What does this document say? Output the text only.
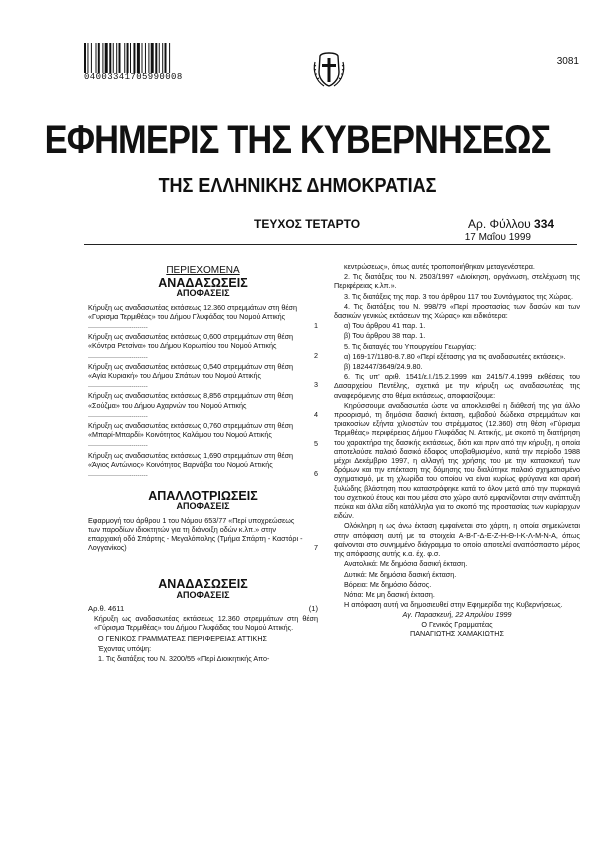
04003341705990008
3081
ΕΦΗΜΕΡΙΣ ΤΗΣ ΚΥΒΕΡΝΗΣΕΩΣ
ΤΗΣ ΕΛΛΗΝΙΚΗΣ ΔΗΜΟΚΡΑΤΙΑΣ
ΤΕΥΧΟΣ ΤΕΤΑΡΤΟ	Αρ. Φύλλου 334
17 Μαΐου 1999
ΠΕΡΙΕΧΟΜΕΝΑ
ΑΝΑΔΑΣΩΣΕΙΣ
ΑΠΟΦΑΣΕΙΣ
Κήρυξη ως αναδασωτέας εκτάσεως 12.360 στρεμμάτων στη θέση «Γυρισμα Τερμιθέας» του Δήμου Γλυφάδας του Νομού Αττικής ..............................	1
Κήρυξη ως αναδασωτέας εκτάσεως 0,600 στρεμμάτων στη θέση «Κόντρα Ρετσίνα» του Δήμου Κορωπίου του Νομού Αττικής ..............................	2
Κήρυξη ως αναδασωτέας εκτάσεως 0,540 στρεμμάτων στη θέση «Αγία Κυριακή» του Δήμου Σπάτων του Νομού Αττικής ..............................	3
Κήρυξη ως αναδασωτέας εκτάσεως 8,856 στρεμμάτων στη θέση «Σούζμα» του Δήμου Αχαρνών του Νομού Αττικής ..............................	4
Κήρυξη ως αναδασωτέας εκτάσεως 0,760 στρεμμάτων στη θέση «Μπαρί-Μπαρδί» Κοινότητος Καλάμου του Νομού Αττικής ..............................	5
Κήρυξη ως αναδασωτέας εκτάσεως 1,690 στρεμμάτων στη θέση «Άγιος Αντώνιος» Κοινότητος Βαρνάβα του Νομού Αττικής ..............................	6
ΑΠΑΛΛΟΤΡΙΩΣΕΙΣ
ΑΠΟΦΑΣΕΙΣ
Εφαρμογή του άρθρου 1 του Νόμου 653/77 «Περί υποχρεώσεως των παροδίων ιδιοκτητών για τη διάνοιξη οδών κ.λπ.» στην επαρχιακή οδό Σπάρτης - Μεγαλόπολης (Τμήμα Σπάρτη - Καστόρι - Λογγανίκος)	7
ΑΝΑΔΑΣΩΣΕΙΣ
ΑΠΟΦΑΣΕΙΣ
Αρ.θ. 4611	(1)
Κήρυξη ως αναδασωτέας εκτάσεως 12.360 στρεμμάτων στη θέση «Γύρισμα Τερμιθέας» του Δήμου Γλυφάδας του Νομού Αττικής.
Ο ΓΕΝΙΚΟΣ ΓΡΑΜΜΑΤΕΑΣ ΠΕΡΙΦΕΡΕΙΑΣ ΑΤΤΙΚΗΣ
Έχοντας υπόψη:
1. Τις διατάξεις του Ν. 3200/55 «Περί Διοικητικής Απο-
κεντρώσεως», όπως αυτές τροποποιήθηκαν μεταγενέστερα.
2. Τις διατάξεις του Ν. 2503/1997 «Διοίκηση, οργάνωση, στελέχωση της Περιφέρειας κ.λπ.».
3. Τις διατάξεις της παρ. 3 του άρθρου 117 του Συντάγματος της Χώρας.
4. Τις διατάξεις του Ν. 998/79 «Περί προστασίας των δασών και των δασικών γενικώς εκτάσεων της Χώρας» και ειδικότερα:
α) Του άρθρου 41 παρ. 1.
β) Του άρθρου 38 παρ. 1.
5. Τις διαταγές του Υπουργείου Γεωργίας:
α) 169-17/1180-8.7.80 «Περί εξέτασης για τις αναδασωτέες εκτάσεις».
β) 182447/3649/24.9.80.
6. Τις υπ' αριθ. 1541/ε.Ι./15.2.1999 και 2415/7.4.1999 εκθέσεις του Δασαρχείου Πεντέλης, σχετικά με την κήρυξη ως αναδασωτέας της αναφερόμενης στο θέμα εκτάσεως, αποφασίζουμε:
Κηρύσσουμε αναδασωτέα ώστε να αποκλεισθεί η διάθεσή της για άλλο προορισμό, τη δημόσια δασική έκταση, εμβαδού δώδεκα στρεμμάτων και τριακοσίων εξήντα χιλιοστών του στρέμματος (12.360) στη θέση «Γύρισμα Τερμιθέας» περιφέρειας Δήμου Γλυφάδας Ν. Αττικής, με σκοπό τη διατήρηση του χαρακτήρα της δασικής εκτάσεως, διότι και πριν από την κήρυξη, η οποία αποτελούσε παλαιό δασικό έδαφος υποβαθμισμένο, κατά την περίοδο 1988 μέχρι Δεκέμβριο 1997, η αλλαγή της χρήσης του με την κατασκευή των δρόμων και την επέκταση της δόμησης του διαλύτηκε παλαιό σχηματισμένο σχηματισμό, με τη χλωρίδα του οποίου να είναι κυρίως φρύγανα και αραιή ξυλώδης βλάστηση που καταστράφηκε κατά το όλον μετά από την πυρκαγιά του σχετικού έτους και που μέσα στο χώρο αυτό εμφανίζονται στην ανάπτυξη πεύκα και άλλα είδη κατάλληλα για το σκοπό της προστασίας των κυρίαρχων ειδών.
Ολόκληρη η ως άνω έκταση εμφαίνεται στο χάρτη, η οποία σημειώνεται στην απόφαση αυτή με τα στοιχεία Α-Β-Γ-Δ-Ε-Ζ-Η-Θ-Ι-Κ-Λ-Μ-Ν-Α, όπως φαίνονται στο συνημμένο διάγραμμα το οποίο αποτελεί αναπόσπαστο μέρος της απόφασης αυτής κ.α. έχ. φ.σ.
Ανατολικά: Με δημόσια δασική έκταση.
Δυτικά: Με δημόσια δασική έκταση.
Βόρεια: Με δημόσιο δάσος.
Νότια: Με μη δασική έκταση.
Η απόφαση αυτή να δημοσιευθεί στην Εφημερίδα της Κυβερνήσεως.
Αγ. Παρασκευή, 22 Απριλίου 1999
Ο Γενικός Γραμματέας
ΠΑΝΑΓΙΩΤΗΣ ΧΑΜΑΚΙΩΤΗΣ
